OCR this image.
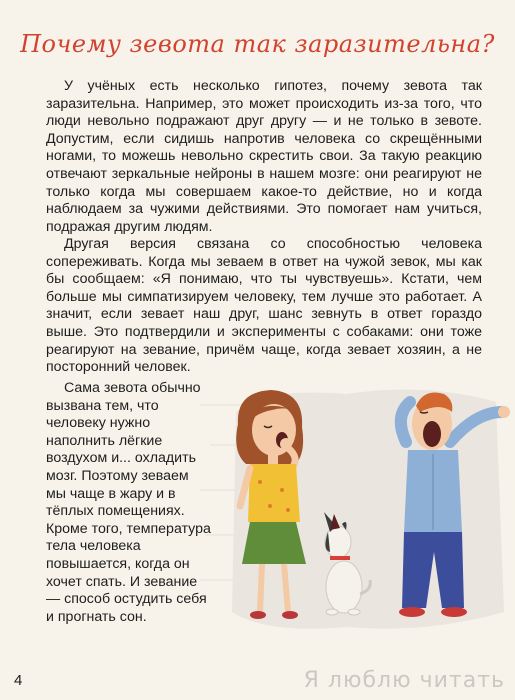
Почему зевота так заразительна?

У учёных есть несколько гипотез, почему зевота так заразительна. Например, это может происходить из-за того, что люди невольно подражают друг другу — и не только в зевоте. Допустим, если сидишь напротив человека со скрещёнными ногами, то можешь невольно скрестить свои. За такую реакцию отвечают зеркальные нейроны в нашем мозге: они реагируют не только когда мы совершаем какое-то действие, но и когда наблюдаем за чужими действиями. Это помогает нам учиться, подражая другим людям.

Другая версия связана со способностью человека сопереживать. Когда мы зеваем в ответ на чужой зевок, мы как бы сообщаем: «Я понимаю, что ты чувствуешь». Кстати, чем больше мы симпатизируем человеку, тем лучше это работает. А значит, если зевает наш друг, шанс зевнуть в ответ гораздо выше. Это подтвердили и эксперименты с собаками: они тоже реагируют на зевание, причём чаще, когда зевает хозяин, а не посторонний человек.

Сама зевота обычно вызвана тем, что человеку нужно наполнить лёгкие воздухом и... охладить мозг. Поэтому зеваем мы чаще в жару и в тёплых помещениях. Кроме того, температура тела человека повышается, когда он хочет спать. И зевание — способ остудить себя и прогнать сон.

4	Я люблю читать
